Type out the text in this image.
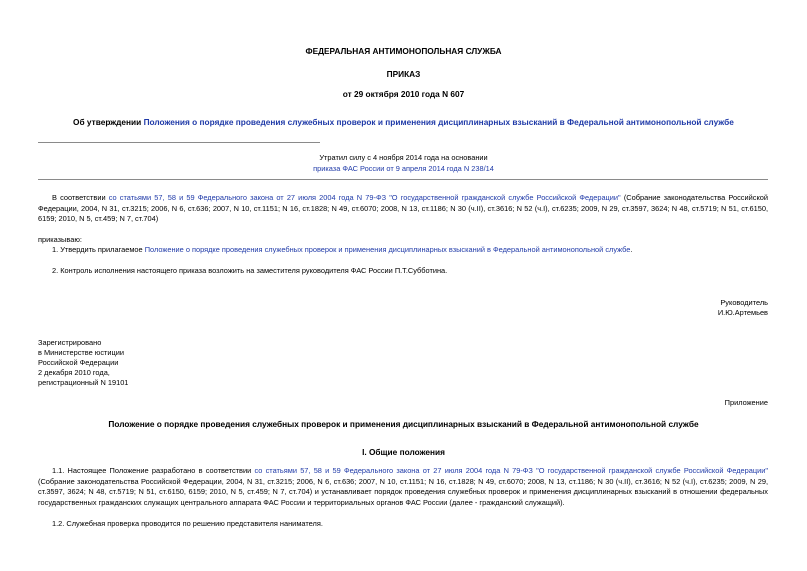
ФЕДЕРАЛЬНАЯ АНТИМОНОПОЛЬНАЯ СЛУЖБА
ПРИКАЗ
от 29 октября 2010 года N 607
Об утверждении Положения о порядке проведения служебных проверок и применения дисциплинарных взысканий в Федеральной антимонопольной службе
Утратил силу с 4 ноября 2014 года на основании
приказа ФАС России от 9 апреля 2014 года N 238/14
В соответствии со статьями 57, 58 и 59 Федерального закона от 27 июля 2004 года N 79-ФЗ "О государственной гражданской службе Российской Федерации" (Собрание законодательства Российской Федерации, 2004, N 31, ст.3215; 2006, N 6, ст.636; 2007, N 10, ст.1151; N 16, ст.1828; N 49, ст.6070; 2008, N 13, ст.1186; N 30 (ч.II), ст.3616; N 52 (ч.I), ст.6235; 2009, N 29, ст.3597, 3624; N 48, ст.5719; N 51, ст.6150, 6159; 2010, N 5, ст.459; N 7, ст.704)
приказываю:
1. Утвердить прилагаемое Положение о порядке проведения служебных проверок и применения дисциплинарных взысканий в Федеральной антимонопольной службе.
2. Контроль исполнения настоящего приказа возложить на заместителя руководителя ФАС России П.Т.Субботина.
Руководитель
И.Ю.Артемьев
Зарегистрировано
в Министерстве юстиции
Российской Федерации
2 декабря 2010 года,
регистрационный N 19101
Приложение
Положение о порядке проведения служебных проверок и применения дисциплинарных взысканий в Федеральной антимонопольной службе
I. Общие положения
1.1. Настоящее Положение разработано в соответствии со статьями 57, 58 и 59 Федерального закона от 27 июля 2004 года N 79-ФЗ "О государственной гражданской службе Российской Федерации" (Собрание законодательства Российской Федерации, 2004, N 31, ст.3215; 2006, N 6, ст.636; 2007, N 10, ст.1151; N 16, ст.1828; N 49, ст.6070; 2008, N 13, ст.1186; N 30 (ч.II), ст.3616; N 52 (ч.I), ст.6235; 2009, N 29, ст.3597, 3624; N 48, ст.5719; N 51, ст.6150, 6159; 2010, N 5, ст.459; N 7, ст.704) и устанавливает порядок проведения служебных проверок и применения дисциплинарных взысканий в отношении федеральных государственных гражданских служащих центрального аппарата ФАС России и территориальных органов ФАС России (далее - гражданский служащий).
1.2. Служебная проверка проводится по решению представителя нанимателя.
